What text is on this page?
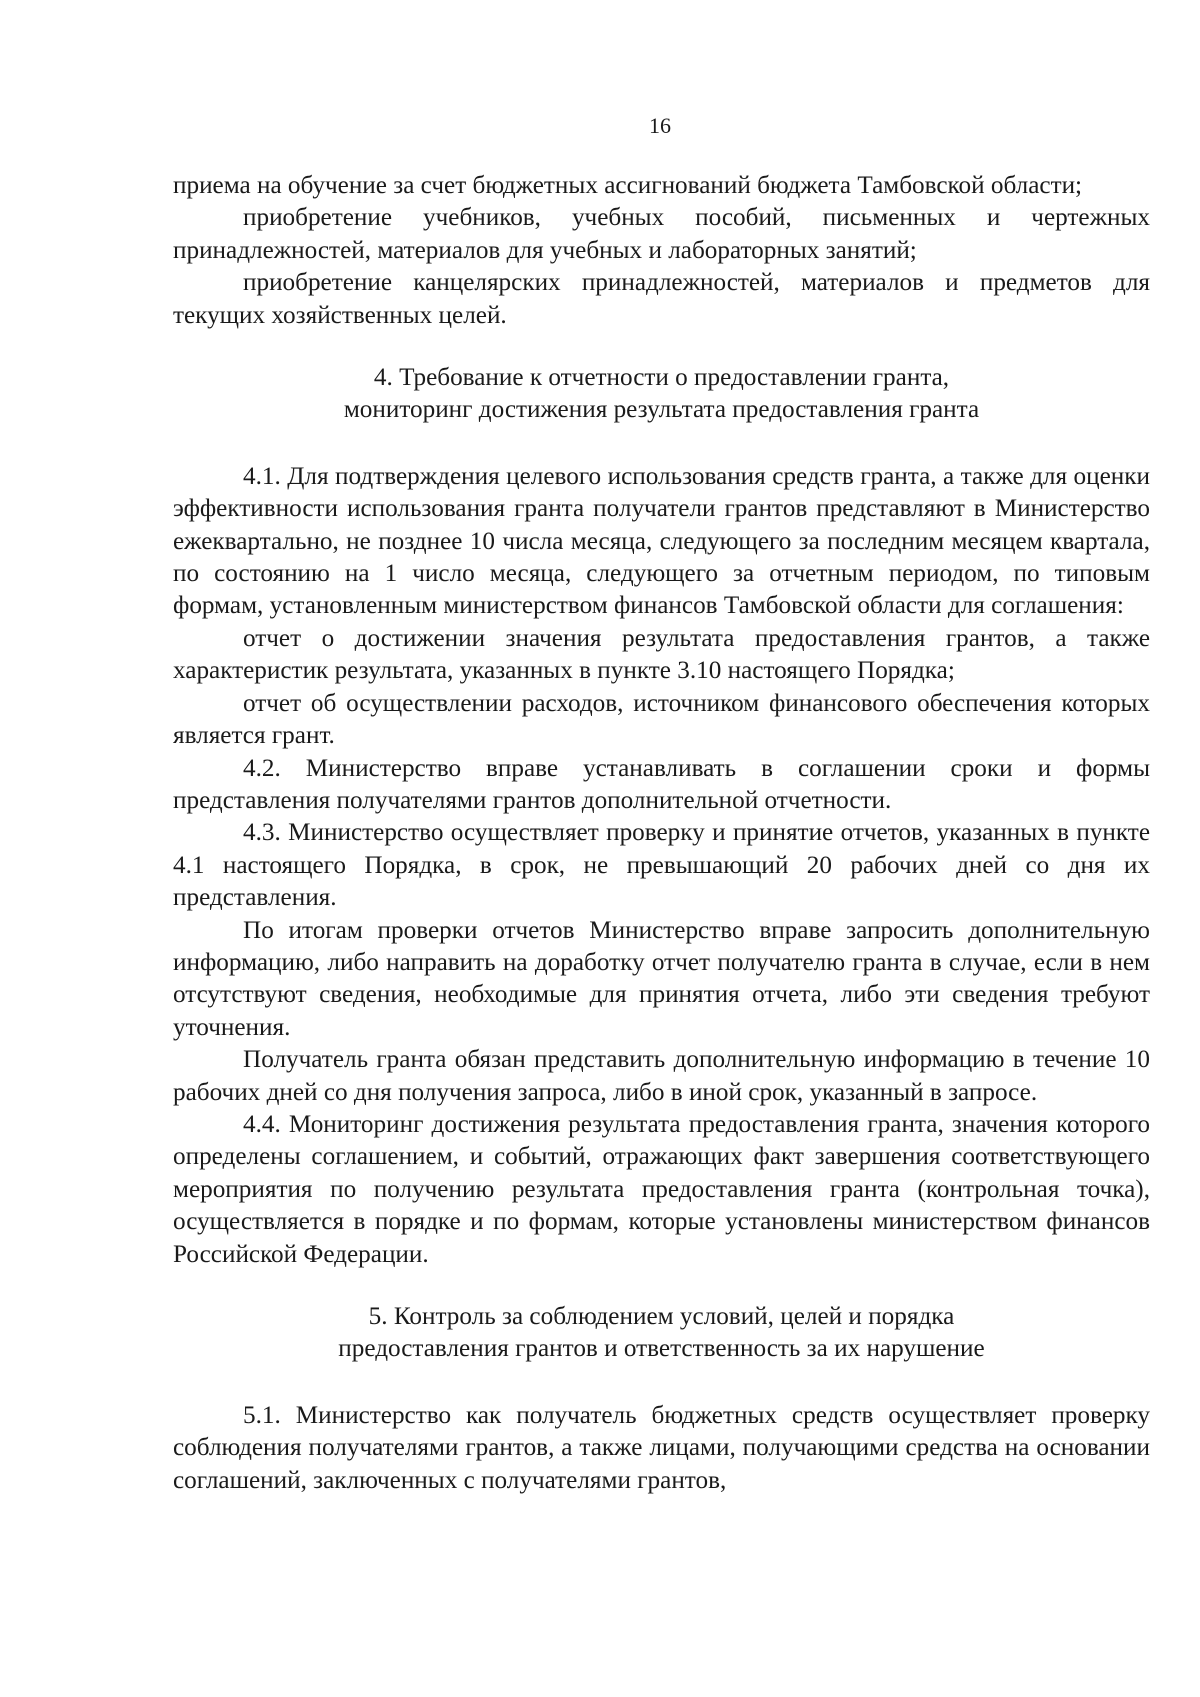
16

приема на обучение за счет бюджетных ассигнований бюджета Тамбовской области;

приобретение учебников, учебных пособий, письменных и чертежных принадлежностей, материалов для учебных и лабораторных занятий;

приобретение канцелярских принадлежностей, материалов и предметов для текущих хозяйственных целей.

4. Требование к отчетности о предоставлении гранта,

мониторинг достижения результата предоставления гранта

4.1. Для подтверждения целевого использования средств гранта, а также для оценки эффективности использования гранта получатели грантов представляют в Министерство ежеквартально, не позднее 10 числа месяца, следующего за последним месяцем квартала, по состоянию на 1 число месяца, следующего за отчетным периодом, по типовым формам, установленным министерством финансов Тамбовской области для соглашения:

отчет о достижении значения результата предоставления грантов, а также характеристик результата, указанных в пункте 3.10 настоящего Порядка;

отчет об осуществлении расходов, источником финансового обеспечения которых является грант.

4.2. Министерство вправе устанавливать в соглашении сроки и формы представления получателями грантов дополнительной отчетности.

4.3. Министерство осуществляет проверку и принятие отчетов, указанных в пункте 4.1 настоящего Порядка, в срок, не превышающий 20 рабочих дней со дня их представления.

По итогам проверки отчетов Министерство вправе запросить дополнительную информацию, либо направить на доработку отчет получателю гранта в случае, если в нем отсутствуют сведения, необходимые для принятия отчета, либо эти сведения требуют уточнения.

Получатель гранта обязан представить дополнительную информацию в течение 10 рабочих дней со дня получения запроса, либо в иной срок, указанный в запросе.

4.4. Мониторинг достижения результата предоставления гранта, значения которого определены соглашением, и событий, отражающих факт завершения соответствующего мероприятия по получению результата предоставления гранта (контрольная точка), осуществляется в порядке и по формам, которые установлены министерством финансов Российской Федерации.

5. Контроль за соблюдением условий, целей и порядка

предоставления грантов и ответственность за их нарушение

5.1. Министерство как получатель бюджетных средств осуществляет проверку соблюдения получателями грантов, а также лицами, получающими средства на основании соглашений, заключенных с получателями грантов,
